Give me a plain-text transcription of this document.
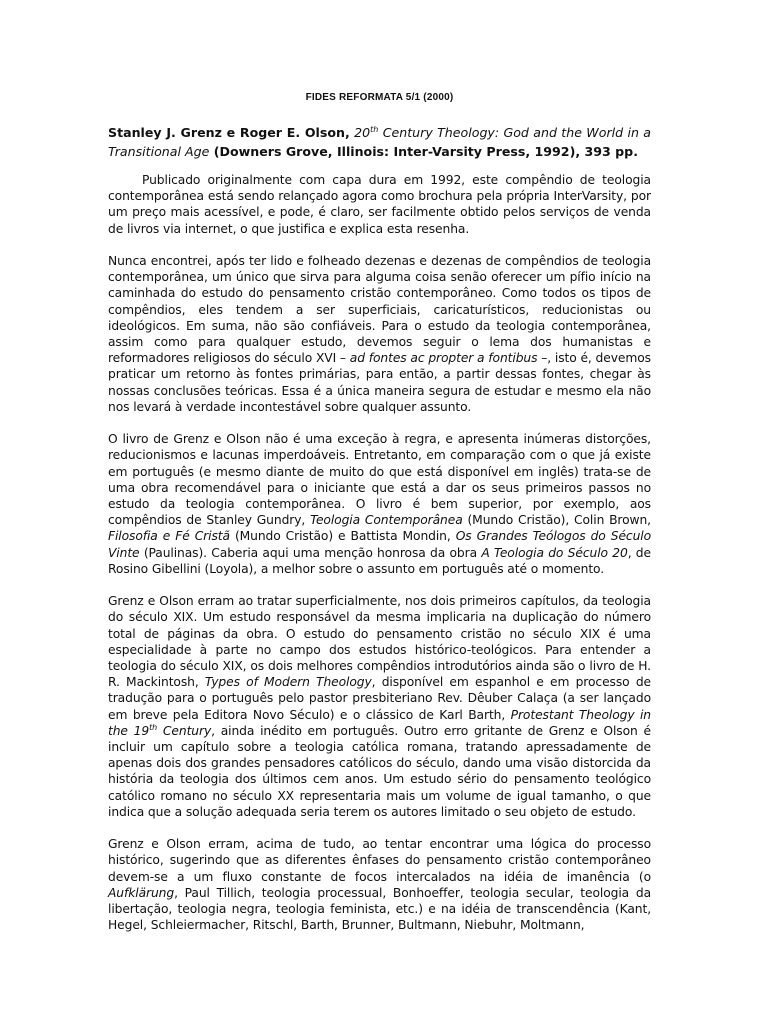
FIDES REFORMATA 5/1 (2000)
Stanley J. Grenz e Roger E. Olson, 20th Century Theology: God and the World in a Transitional Age (Downers Grove, Illinois: Inter-Varsity Press, 1992), 393 pp.

Publicado originalmente com capa dura em 1992, este compêndio de teologia contemporânea está sendo relançado agora como brochura pela própria InterVarsity, por um preço mais acessível, e pode, é claro, ser facilmente obtido pelos serviços de venda de livros via internet, o que justifica e explica esta resenha.

Nunca encontrei, após ter lido e folheado dezenas e dezenas de compêndios de teologia contemporânea, um único que sirva para alguma coisa senão oferecer um pífio início na caminhada do estudo do pensamento cristão contemporâneo. Como todos os tipos de compêndios, eles tendem a ser superficiais, caricaturísticos, reducionistas ou ideológicos. Em suma, não são confiáveis. Para o estudo da teologia contemporânea, assim como para qualquer estudo, devemos seguir o lema dos humanistas e reformadores religiosos do século XVI – ad fontes ac propter a fontibus –, isto é, devemos praticar um retorno às fontes primárias, para então, a partir dessas fontes, chegar às nossas conclusões teóricas. Essa é a única maneira segura de estudar e mesmo ela não nos levará à verdade incontestável sobre qualquer assunto.

O livro de Grenz e Olson não é uma exceção à regra, e apresenta inúmeras distorções, reducionismos e lacunas imperdoáveis. Entretanto, em comparação com o que já existe em português (e mesmo diante de muito do que está disponível em inglês) trata-se de uma obra recomendável para o iniciante que está a dar os seus primeiros passos no estudo da teologia contemporânea. O livro é bem superior, por exemplo, aos compêndios de Stanley Gundry, Teologia Contemporânea (Mundo Cristão), Colin Brown, Filosofia e Fé Cristã (Mundo Cristão) e Battista Mondin, Os Grandes Teólogos do Século Vinte (Paulinas). Caberia aqui uma menção honrosa da obra A Teologia do Século 20, de Rosino Gibellini (Loyola), a melhor sobre o assunto em português até o momento.

Grenz e Olson erram ao tratar superficialmente, nos dois primeiros capítulos, da teologia do século XIX. Um estudo responsável da mesma implicaria na duplicação do número total de páginas da obra. O estudo do pensamento cristão no século XIX é uma especialidade à parte no campo dos estudos histórico-teológicos. Para entender a teologia do século XIX, os dois melhores compêndios introdutórios ainda são o livro de H. R. Mackintosh, Types of Modern Theology, disponível em espanhol e em processo de tradução para o português pelo pastor presbiteriano Rev. Dêuber Calaça (a ser lançado em breve pela Editora Novo Século) e o clássico de Karl Barth, Protestant Theology in the 19th Century, ainda inédito em português. Outro erro gritante de Grenz e Olson é incluir um capítulo sobre a teologia católica romana, tratando apressadamente de apenas dois dos grandes pensadores católicos do século, dando uma visão distorcida da história da teologia dos últimos cem anos. Um estudo sério do pensamento teológico católico romano no século XX representaria mais um volume de igual tamanho, o que indica que a solução adequada seria terem os autores limitado o seu objeto de estudo.

Grenz e Olson erram, acima de tudo, ao tentar encontrar uma lógica do processo histórico, sugerindo que as diferentes ênfases do pensamento cristão contemporâneo devem-se a um fluxo constante de focos intercalados na idéia de imanência (o Aufklärung, Paul Tillich, teologia processual, Bonhoeffer, teologia secular, teologia da libertação, teologia negra, teologia feminista, etc.) e na idéia de transcendência (Kant, Hegel, Schleiermacher, Ritschl, Barth, Brunner, Bultmann, Niebuhr, Moltmann,
